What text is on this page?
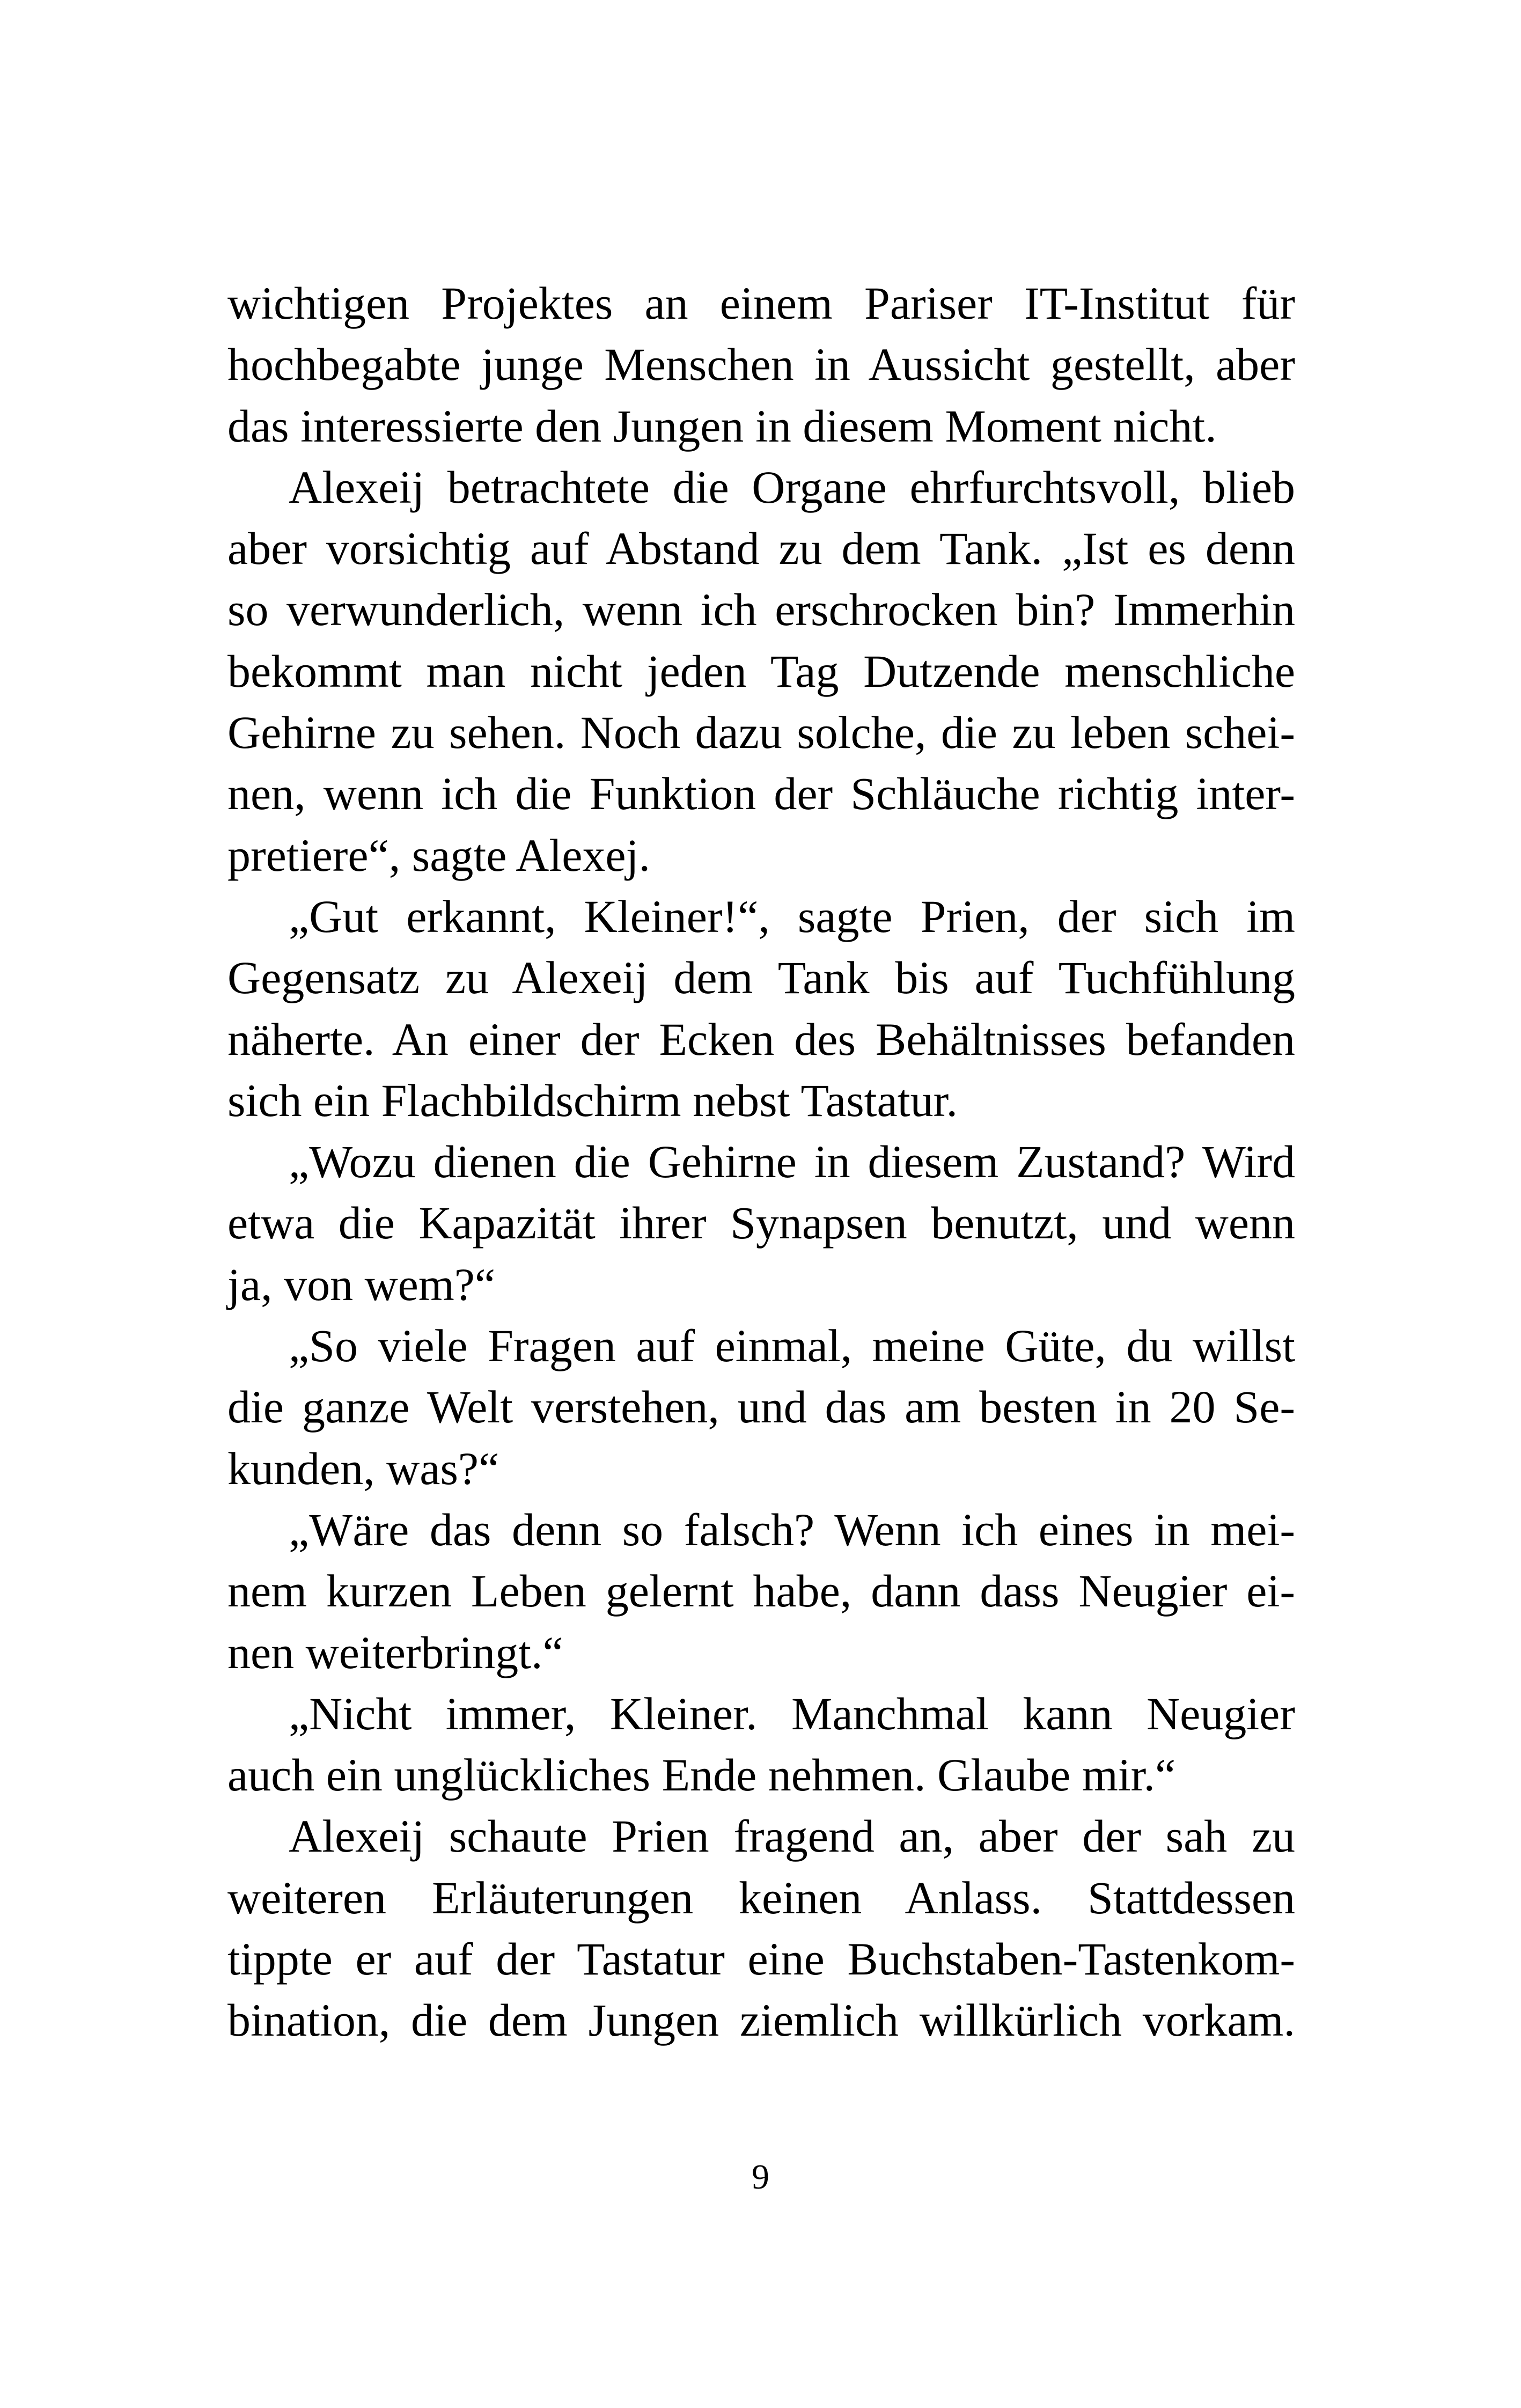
wichtigen Projektes an einem Pariser IT-Institut für
hochbegabte junge Menschen in Aussicht gestellt, aber
das interessierte den Jungen in diesem Moment nicht.
Alexeij betrachtete die Organe ehrfurchtsvoll, blieb
aber vorsichtig auf Abstand zu dem Tank. „Ist es denn
so verwunderlich, wenn ich erschrocken bin? Immerhin
bekommt man nicht jeden Tag Dutzende menschliche
Gehirne zu sehen. Noch dazu solche, die zu leben schei-
nen, wenn ich die Funktion der Schläuche richtig inter-
pretiere“, sagte Alexej.
„Gut erkannt, Kleiner!“, sagte Prien, der sich im
Gegensatz zu Alexeij dem Tank bis auf Tuchfühlung
näherte. An einer der Ecken des Behältnisses befanden
sich ein Flachbildschirm nebst Tastatur.
„Wozu dienen die Gehirne in diesem Zustand? Wird
etwa die Kapazität ihrer Synapsen benutzt, und wenn
ja, von wem?“
„So viele Fragen auf einmal, meine Güte, du willst
die ganze Welt verstehen, und das am besten in 20 Se-
kunden, was?“
„Wäre das denn so falsch? Wenn ich eines in mei-
nem kurzen Leben gelernt habe, dann dass Neugier ei-
nen weiterbringt.“
„Nicht immer, Kleiner. Manchmal kann Neugier
auch ein unglückliches Ende nehmen. Glaube mir.“
Alexeij schaute Prien fragend an, aber der sah zu
weiteren Erläuterungen keinen Anlass. Stattdessen
tippte er auf der Tastatur eine Buchstaben-Tastenkom-
bination, die dem Jungen ziemlich willkürlich vorkam.
9
